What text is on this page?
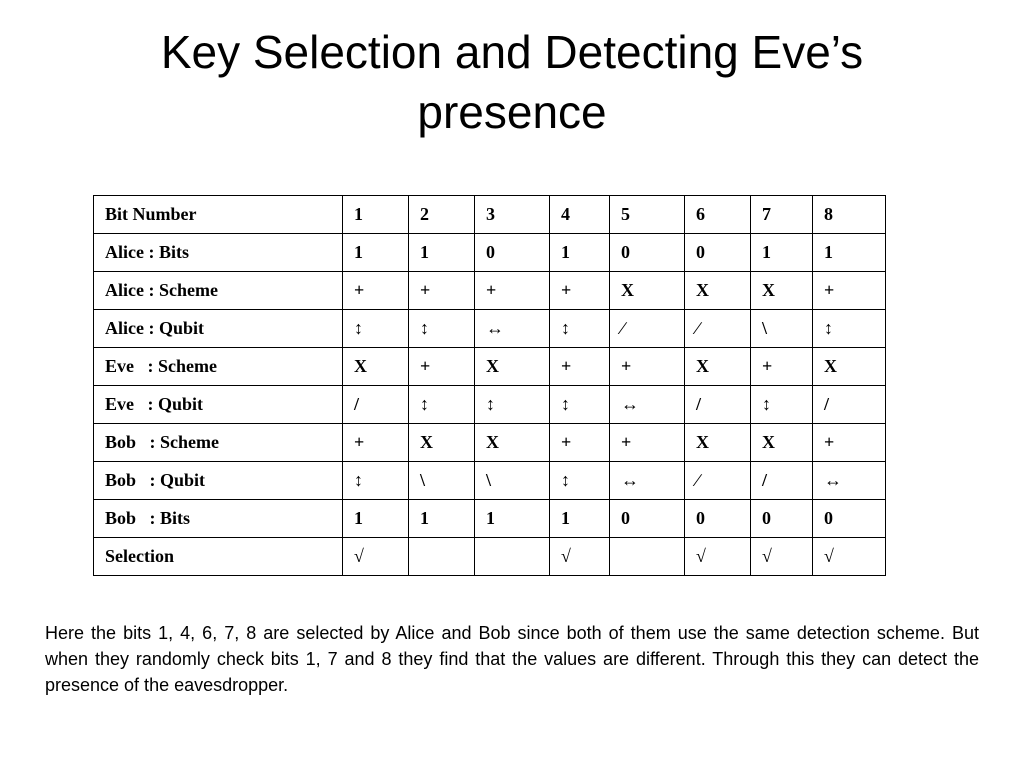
Key Selection and Detecting Eve’s presence
Bit Number	1	2	3	4	5	6	7	8
Alice : Bits	1	1	0	1	0	0	1	1
Alice : Scheme	+	+	+	+	X	X	X	+
Alice : Qubit	↕	↕	↔	↕	∕	∕	\	↕
Eve   : Scheme	X	+	X	+	+	X	+	X
Eve   : Qubit	/	↕	↕	↕	↔	/	↕	/
Bob   : Scheme	+	X	X	+	+	X	X	+
Bob   : Qubit	↕	\	\	↕	↔	∕	/	↔
Bob   : Bits	1	1	1	1	0	0	0	0
Selection	√			√		√	√	√

Here the bits 1, 4, 6, 7, 8 are selected by Alice and Bob since both of them use the same detection scheme. But when they randomly check bits 1, 7 and 8 they find that the values are different. Through this they can detect the presence of the eavesdropper.
